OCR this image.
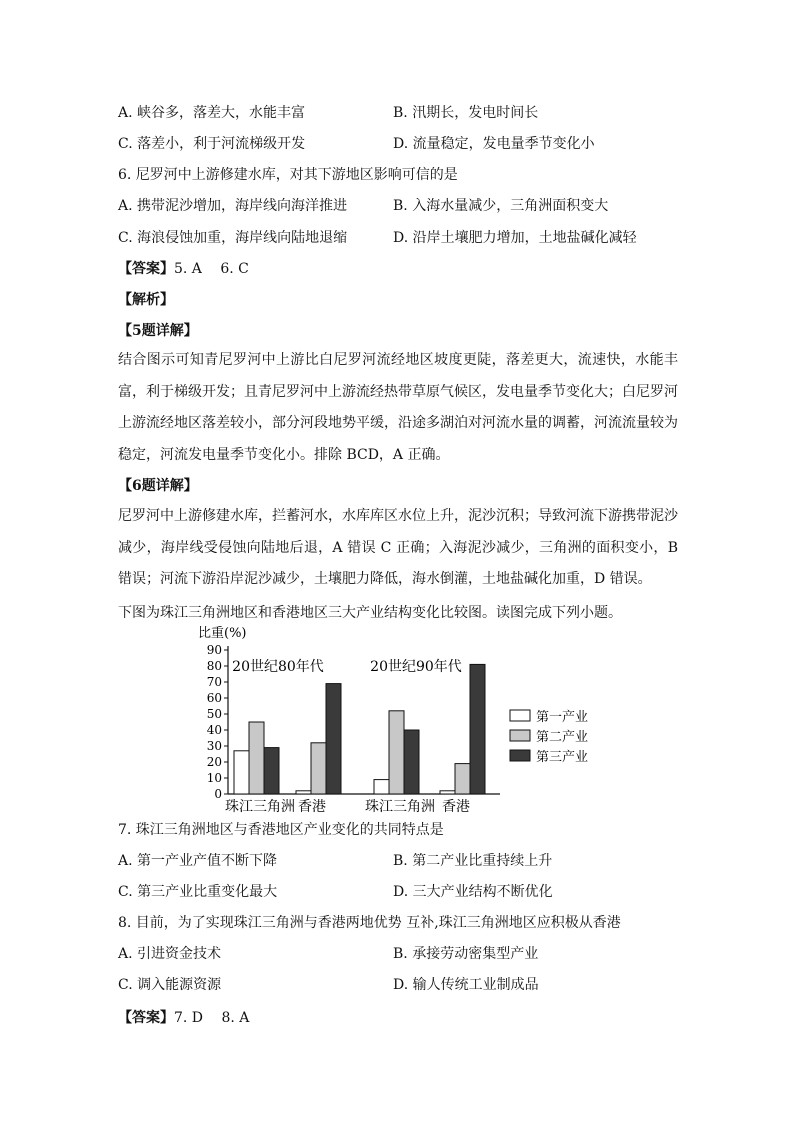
A. 峡谷多，落差大，水能丰富	B. 汛期长，发电时间长
C. 落差小，利于河流梯级开发	D. 流量稳定，发电量季节变化小
6. 尼罗河中上游修建水库，对其下游地区影响可信的是
A. 携带泥沙增加，海岸线向海洋推进	B. 入海水量减少，三角洲面积变大
C. 海浪侵蚀加重，海岸线向陆地退缩	D. 沿岸土壤肥力增加，土地盐碱化减轻
【答案】5. A　 6. C
【解析】
【5题详解】
结合图示可知青尼罗河中上游比白尼罗河流经地区坡度更陡，落差更大，流速快，水能丰富，利于梯级开发；且青尼罗河中上游流经热带草原气候区，发电量季节变化大；白尼罗河上游流经地区落差较小，部分河段地势平缓，沿途多湖泊对河流水量的调蓄，河流流量较为稳定，河流发电量季节变化小。排除 BCD，A 正确。
【6题详解】
尼罗河中上游修建水库，拦蓄河水，水库库区水位上升，泥沙沉积；导致河流下游携带泥沙减少，海岸线受侵蚀向陆地后退，A 错误 C 正确；入海泥沙减少，三角洲的面积变小，B 错误；河流下游沿岸泥沙减少，土壤肥力降低，海水倒灌，土地盐碱化加重，D 错误。
下图为珠江三角洲地区和香港地区三大产业结构变化比较图。读图完成下列小题。
比重(%)
0
10
20
30
40
50
60
70
80
90
珠江三角洲 香港	珠江三角洲 香港
20世纪80年代	20世纪90年代
第一产业
第二产业
第三产业
7. 珠江三角洲地区与香港地区产业变化的共同特点是
A. 第一产业产值不断下降	B. 第二产业比重持续上升
C. 第三产业比重变化最大	D. 三大产业结构不断优化
8. 目前，为了实现珠江三角洲与香港两地优势 互补,珠江三角洲地区应积极从香港
A. 引进资金技术	B. 承接劳动密集型产业
C. 调入能源资源	D. 输人传统工业制成品
【答案】7. D　 8. A
